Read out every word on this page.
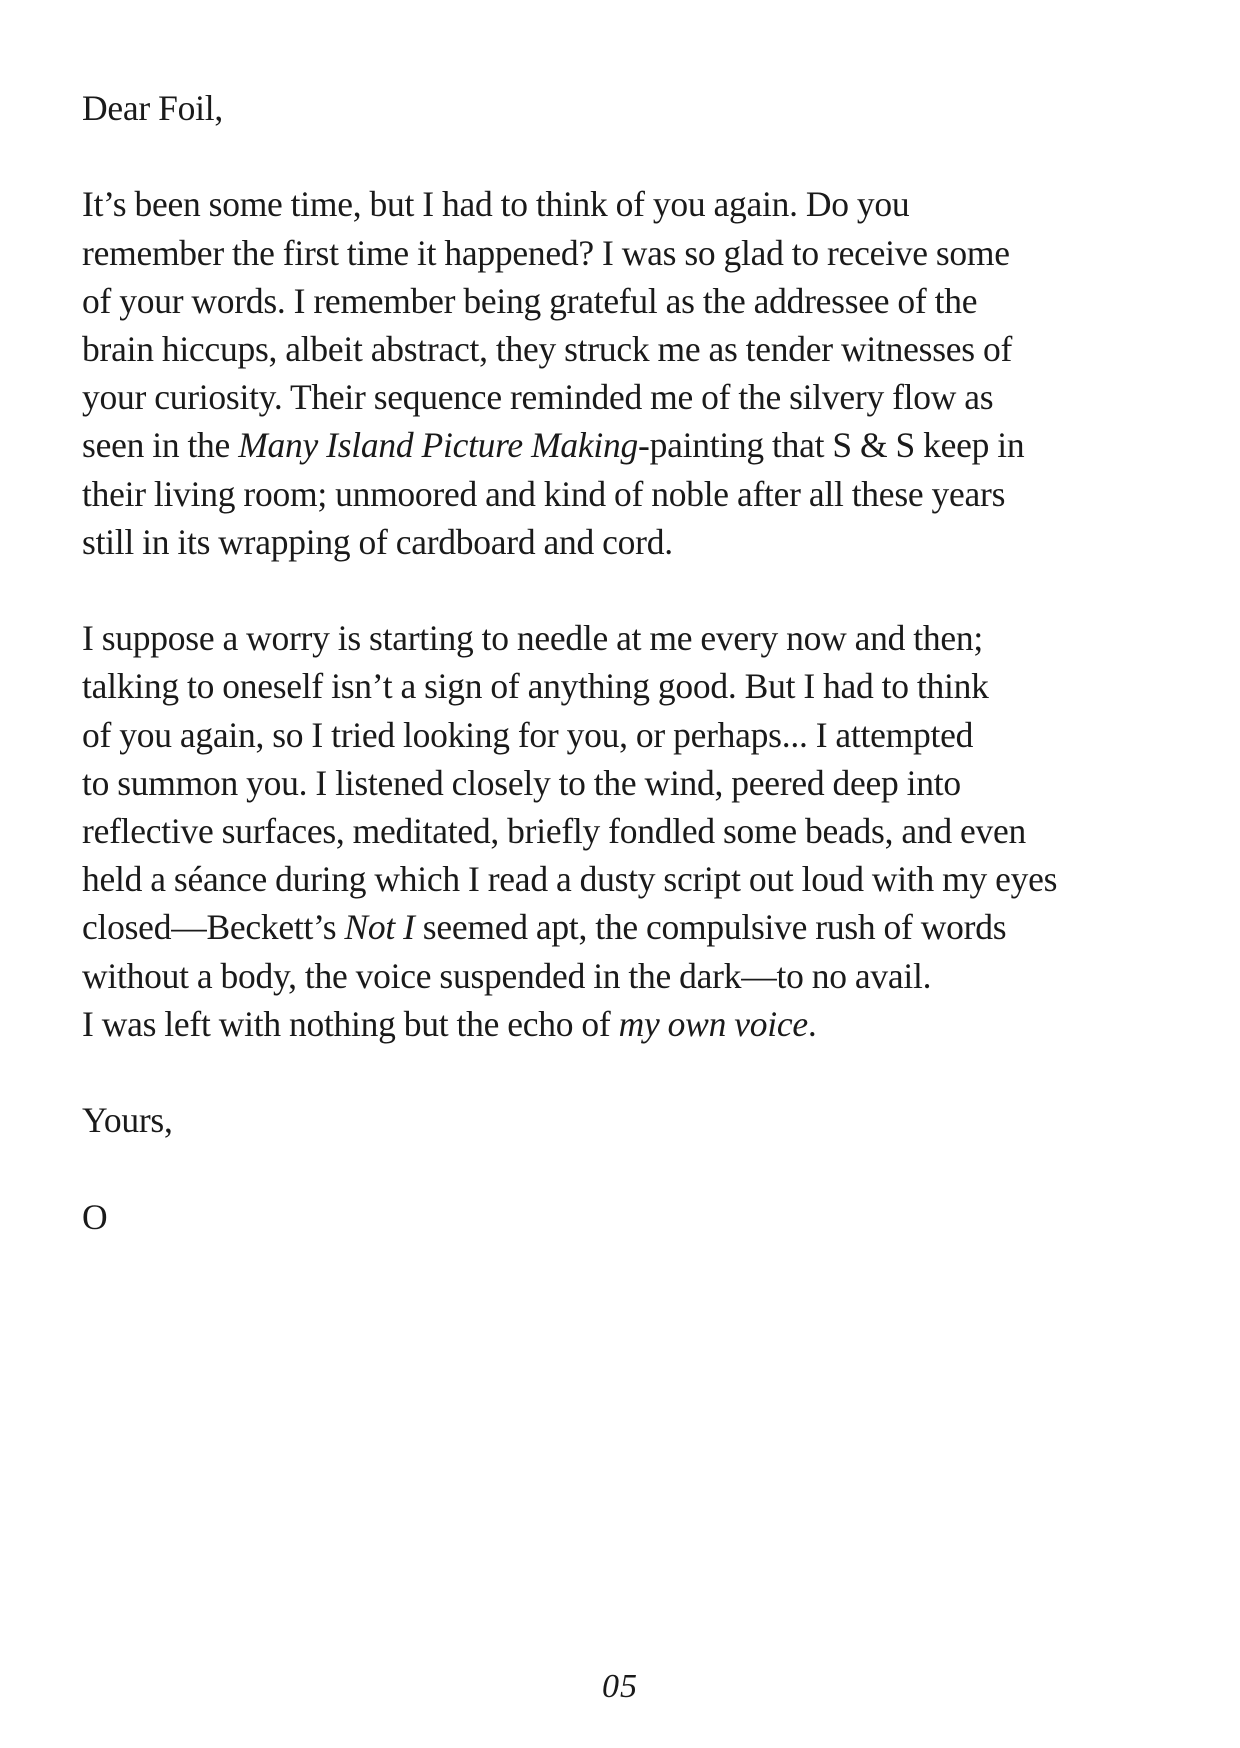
Dear Foil,

It’s been some time, but I had to think of you again. Do you
remember the first time it happened? I was so glad to receive some
of your words. I remember being grateful as the addressee of the
brain hiccups, albeit abstract, they struck me as tender witnesses of
your curiosity. Their sequence reminded me of the silvery flow as
seen in the Many Island Picture Making-painting that S & S keep in
their living room; unmoored and kind of noble after all these years
still in its wrapping of cardboard and cord.

I suppose a worry is starting to needle at me every now and then;
talking to oneself isn’t a sign of anything good. But I had to think
of you again, so I tried looking for you, or perhaps... I attempted
to summon you. I listened closely to the wind, peered deep into
reflective surfaces, meditated, briefly fondled some beads, and even
held a séance during which I read a dusty script out loud with my eyes
closed—Beckett’s Not I seemed apt, the compulsive rush of words
without a body, the voice suspended in the dark—to no avail.
I was left with nothing but the echo of my own voice.

Yours,

O

05
